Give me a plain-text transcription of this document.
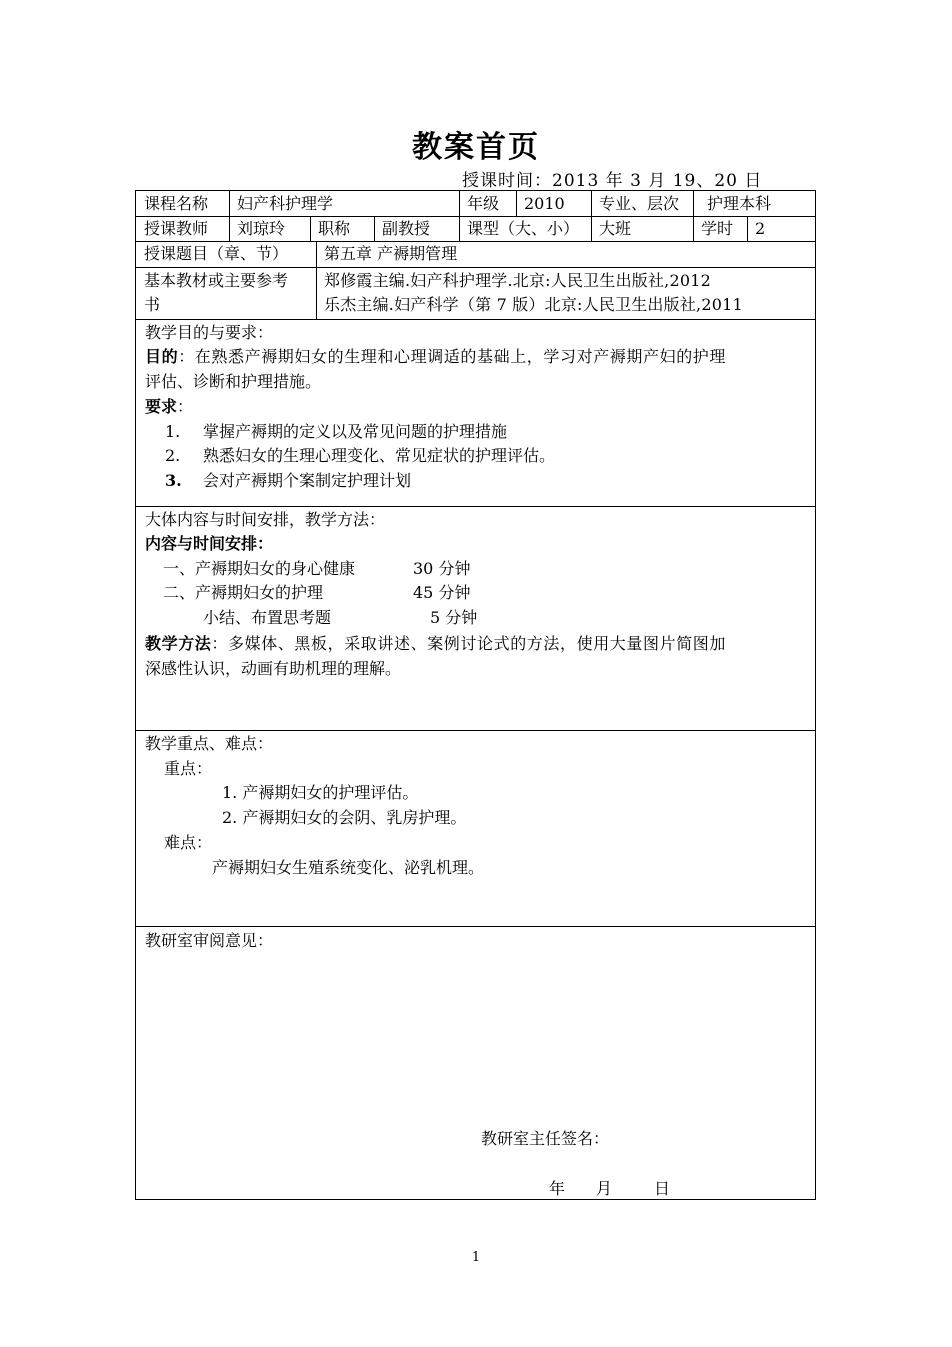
教案首页
授课时间：2013 年 3 月 19、20 日
课程名称	妇产科护理学	年级	2010	专业、层次	护理本科
授课教师	刘琼玲	职称	副教授	课型（大、小）	大班	学时	2
授课题目（章、节）	第五章 产褥期管理
基本教材或主要参考
书
郑修霞主编.妇产科护理学.北京:人民卫生出版社,2012
乐杰主编.妇产科学（第 7 版）北京:人民卫生出版社,2011
教学目的与要求：
目的：在熟悉产褥期妇女的生理和心理调适的基础上，学习对产褥期产妇的护理
评估、诊断和护理措施。
要求：
1. 掌握产褥期的定义以及常见问题的护理措施
2. 熟悉妇女的生理心理变化、常见症状的护理评估。
3. 会对产褥期个案制定护理计划
大体内容与时间安排，教学方法：
内容与时间安排：
一、产褥期妇女的身心健康	30 分钟
二、产褥期妇女的护理	45 分钟
小结、布置思考题	5 分钟
教学方法：多媒体、黑板，采取讲述、案例讨论式的方法，使用大量图片简图加
深感性认识，动画有助机理的理解。
教学重点、难点：
重点：
1. 产褥期妇女的护理评估。
2. 产褥期妇女的会阴、乳房护理。
难点：
产褥期妇女生殖系统变化、泌乳机理。
教研室审阅意见：
教研室主任签名：
年 月	日
1
